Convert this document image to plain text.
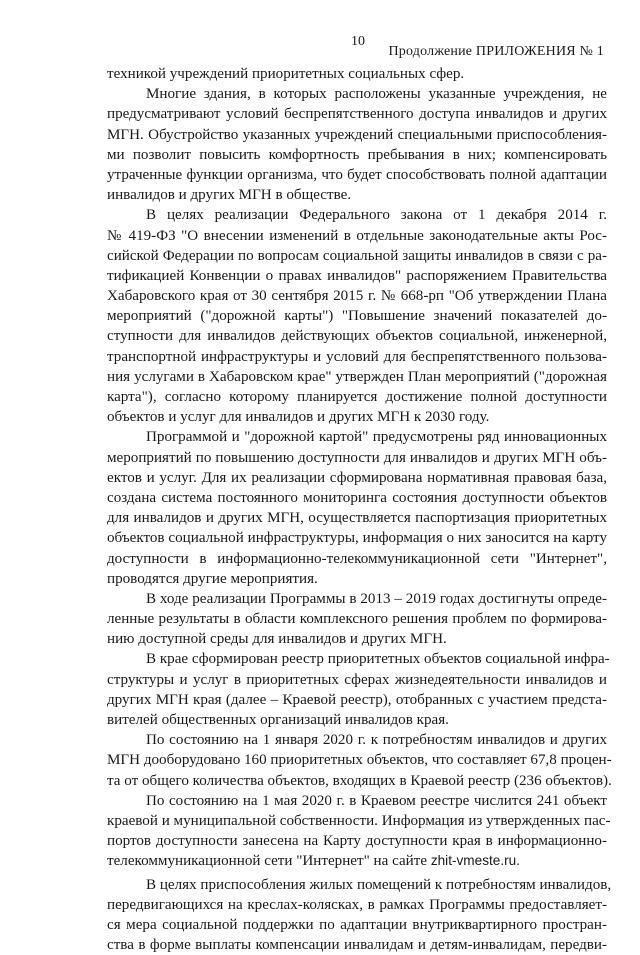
10
Продолжение ПРИЛОЖЕНИЯ № 1
техникой учреждений приоритетных социальных сфер.
Многие здания, в которых расположены указанные учреждения, не
предусматривают условий беспрепятственного доступа инвалидов и других
МГН. Обустройство указанных учреждений специальными приспособления-
ми позволит повысить комфортность пребывания в них; компенсировать
утраченные функции организма, что будет способствовать полной адаптации
инвалидов и других МГН в обществе.
В целях реализации Федерального закона от 1 декабря 2014 г.
№ 419-ФЗ "О внесении изменений в отдельные законодательные акты Рос-
сийской Федерации по вопросам социальной защиты инвалидов в связи с ра-
тификацией Конвенции о правах инвалидов" распоряжением Правительства
Хабаровского края от 30 сентября 2015 г. № 668-рп "Об утверждении Плана
мероприятий ("дорожной карты") "Повышение значений показателей до-
ступности для инвалидов действующих объектов социальной, инженерной,
транспортной инфраструктуры и условий для беспрепятственного пользова-
ния услугами в Хабаровском крае" утвержден План мероприятий ("дорожная
карта"), согласно которому планируется достижение полной доступности
объектов и услуг для инвалидов и других МГН к 2030 году.
Программой и "дорожной картой" предусмотрены ряд инновационных
мероприятий по повышению доступности для инвалидов и других МГН объ-
ектов и услуг. Для их реализации сформирована нормативная правовая база,
создана система постоянного мониторинга состояния доступности объектов
для инвалидов и других МГН, осуществляется паспортизация приоритетных
объектов социальной инфраструктуры, информация о них заносится на карту
доступности в информационно-телекоммуникационной сети "Интернет",
проводятся другие мероприятия.
В ходе реализации Программы в 2013 – 2019 годах достигнуты опреде-
ленные результаты в области комплексного решения проблем по формирова-
нию доступной среды для инвалидов и других МГН.
В крае сформирован реестр приоритетных объектов социальной инфра-
структуры и услуг в приоритетных сферах жизнедеятельности инвалидов и
других МГН края (далее – Краевой реестр), отобранных с участием предста-
вителей общественных организаций инвалидов края.
По состоянию на 1 января 2020 г. к потребностям инвалидов и других
МГН дооборудовано 160 приоритетных объектов, что составляет 67,8 процен-
та от общего количества объектов, входящих в Краевой реестр (236 объектов).
По состоянию на 1 мая 2020 г. в Краевом реестре числится 241 объект
краевой и муниципальной собственности. Информация из утвержденных пас-
портов доступности занесена на Карту доступности края в информационно-
телекоммуникационной сети "Интернет" на сайте zhit-vmeste.ru.
В целях приспособления жилых помещений к потребностям инвалидов,
передвигающихся на креслах-колясках, в рамках Программы предоставляет-
ся мера социальной поддержки по адаптации внутриквартирного простран-
ства в форме выплаты компенсации инвалидам и детям-инвалидам, передви-
